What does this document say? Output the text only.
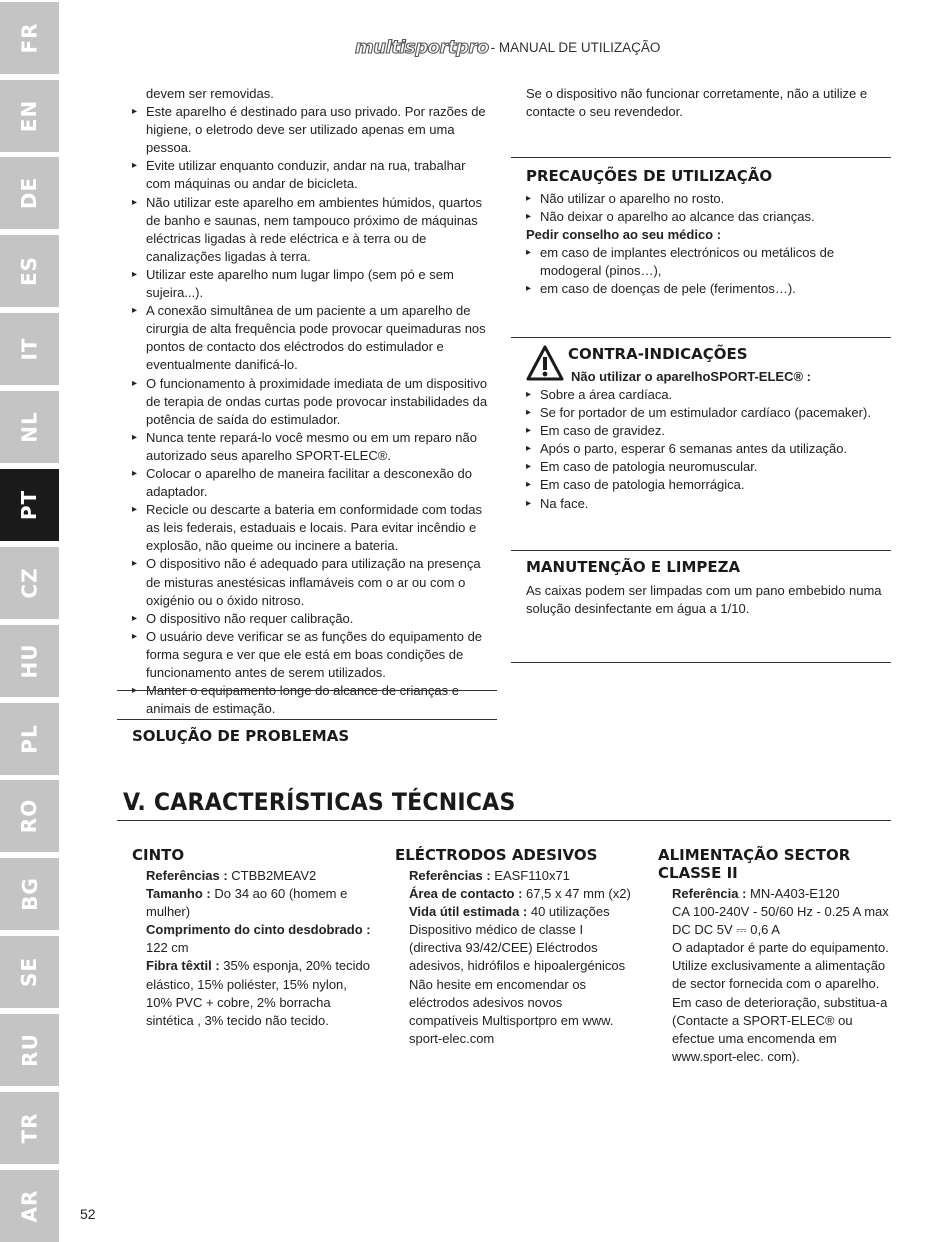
FR
EN
DE
ES
IT
NL
PT
CZ
HU
PL
RO
BG
SE
RU
TR
AR
multisportpro - MANUAL DE UTILIZAÇÃO
devem ser removidas.
▸ Este aparelho é destinado para uso privado. Por razões de higiene, o eletrodo deve ser utilizado apenas em uma pessoa.
▸ Evite utilizar enquanto conduzir, andar na rua, trabalhar com máquinas ou andar de bicicleta.
▸ Não utilizar este aparelho em ambientes húmidos, quartos de banho e saunas, nem tampouco próximo de máquinas eléctricas ligadas à rede eléctrica e à terra ou de canalizações ligadas à terra.
▸ Utilizar este aparelho num lugar limpo (sem pó e sem sujeira...).
▸ A conexão simultânea de um paciente a um aparelho de cirurgia de alta frequência pode provocar queimaduras nos pontos de contacto dos eléctrodos do estimulador e eventualmente danificá-lo.
▸ O funcionamento à proximidade imediata de um dispositivo de terapia de ondas curtas pode provocar instabilidades da potência de saída do estimulador.
▸ Nunca tente repará-lo você mesmo ou em um reparo não autorizado seus aparelho SPORT-ELEC®.
▸ Colocar o aparelho de maneira facilitar a desconexão do adaptador.
▸ Recicle ou descarte a bateria em conformidade com todas as leis federais, estaduais e locais. Para evitar incêndio e explosão, não queime ou incinere a bateria.
▸ O dispositivo não é adequado para utilização na presença de misturas anestésicas inflamáveis com o ar ou com o oxigénio ou o óxido nitroso.
▸ O dispositivo não requer calibração.
▸ O usuário deve verificar se as funções do equipamento de forma segura e ver que ele está em boas condições de funcionamento antes de serem utilizados.
▸ Manter o equipamento longe do alcance de crianças e animais de estimação.
SOLUÇÃO DE PROBLEMAS
Se o dispositivo não funcionar corretamente, não a utilize e contacte o seu revendedor.
PRECAUÇÕES DE UTILIZAÇÃO
▸ Não utilizar o aparelho no rosto.
▸ Não deixar o aparelho ao alcance das crianças.
Pedir conselho ao seu médico :
▸ em caso de implantes electrónicos ou metálicos de modogeral (pinos…),
▸ em caso de doenças de pele (ferimentos…).
CONTRA-INDICAÇÕES
Não utilizar o aparelhoSPORT-ELEC® :
▸ Sobre a área cardíaca.
▸ Se for portador de um estimulador cardíaco (pacemaker).
▸ Em caso de gravidez.
▸ Após o parto, esperar 6 semanas antes da utilização.
▸ Em caso de patologia neuromuscular.
▸ Em caso de patologia hemorrágica.
▸ Na face.
MANUTENÇÃO E LIMPEZA
As caixas podem ser limpadas com um pano embebido numa solução desinfectante em água a 1/10.
V. CARACTERÍSTICAS TÉCNICAS
CINTO
Referências : CTBB2MEAV2
Tamanho : Do 34 ao 60 (homem e mulher)
Comprimento do cinto desdobrado : 122 cm
Fibra têxtil : 35% esponja, 20% tecido elástico, 15% poliéster, 15% nylon, 10% PVC + cobre, 2% borracha sintética , 3% tecido não tecido.
ELÉCTRODOS ADESIVOS
Referências : EASF110x71
Área de contacto : 67,5 x 47 mm (x2)
Vida útil estimada : 40 utilizações
Dispositivo médico de classe I (directiva 93/42/CEE) Eléctrodos adesivos, hidrófilos e hipoalergénicos Não hesite em encomendar os eléctrodos adesivos novos compatíveis Multisportpro em www. sport-elec.com
ALIMENTAÇÃO SECTOR CLASSE II
Referência : MN-A403-E120
CA 100-240V - 50/60 Hz - 0.25 A max
DC DC 5V ⎓ 0,6 A
O adaptador é parte do equipamento. Utilize exclusivamente a alimentação de sector fornecida com o aparelho. Em caso de deterioração, substitua-a (Contacte a SPORT-ELEC® ou efectue uma encomenda em www.sport-elec. com).
52
